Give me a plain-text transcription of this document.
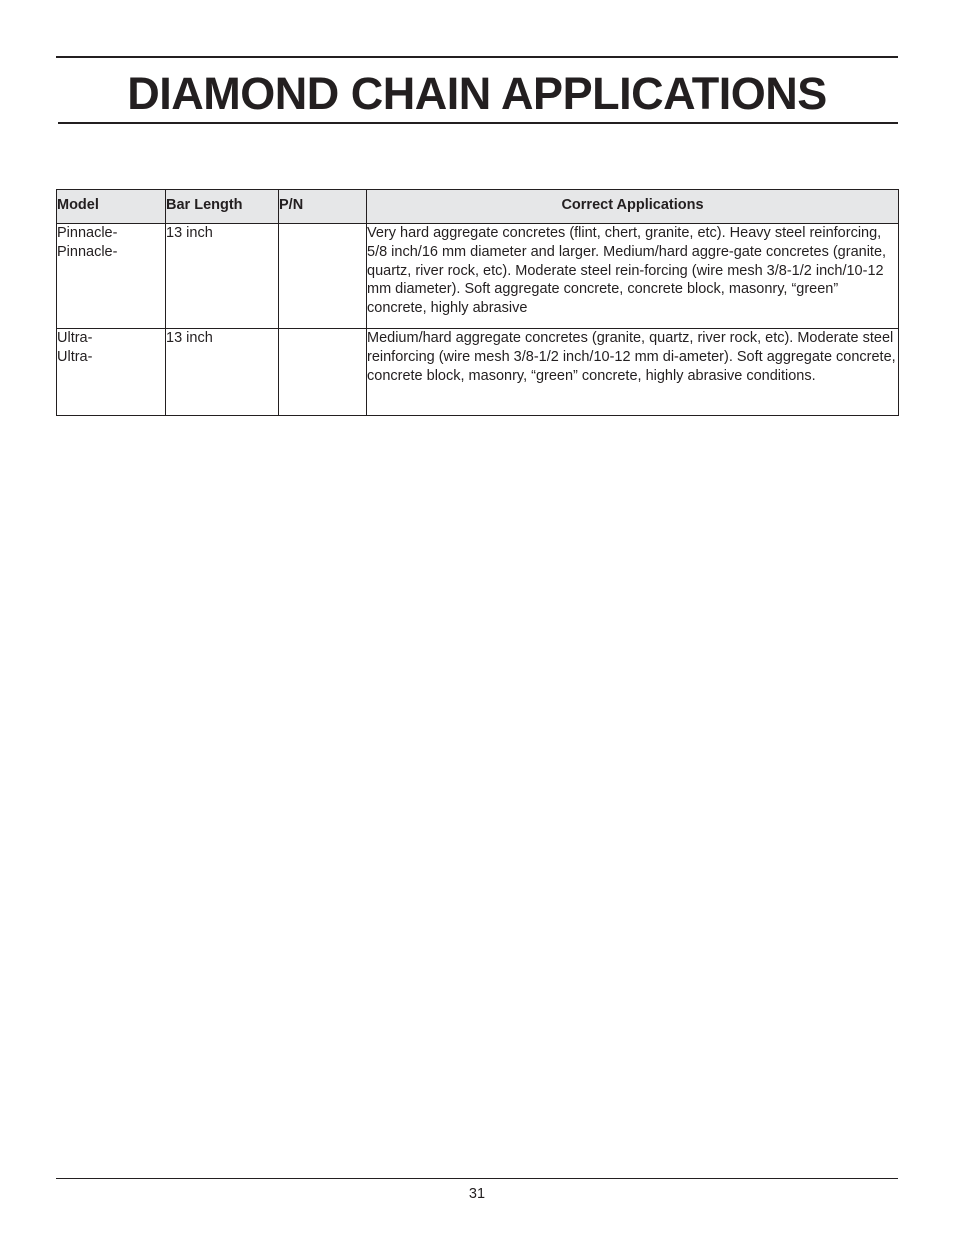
DIAMOND CHAIN APPLICATIONS
Model	Bar Length	P/N	Correct Applications

Pinnacle-
Pinnacle-	13 inch		Very hard aggregate concretes (flint, chert, granite, etc). Heavy steel reinforcing, 5/8 inch/16 mm diameter and larger. Medium/hard aggre-gate concretes (granite, quartz, river rock, etc). Moderate steel rein-forcing (wire mesh 3/8-1/2 inch/10-12 mm diameter). Soft aggregate concrete, concrete block, masonry, “green” concrete, highly abrasive

Ultra-
Ultra-	13 inch		Medium/hard aggregate concretes (granite, quartz, river rock, etc). Moderate steel reinforcing (wire mesh 3/8-1/2 inch/10-12 mm di-ameter). Soft aggregate concrete, concrete block, masonry, “green” concrete, highly abrasive conditions.
31
